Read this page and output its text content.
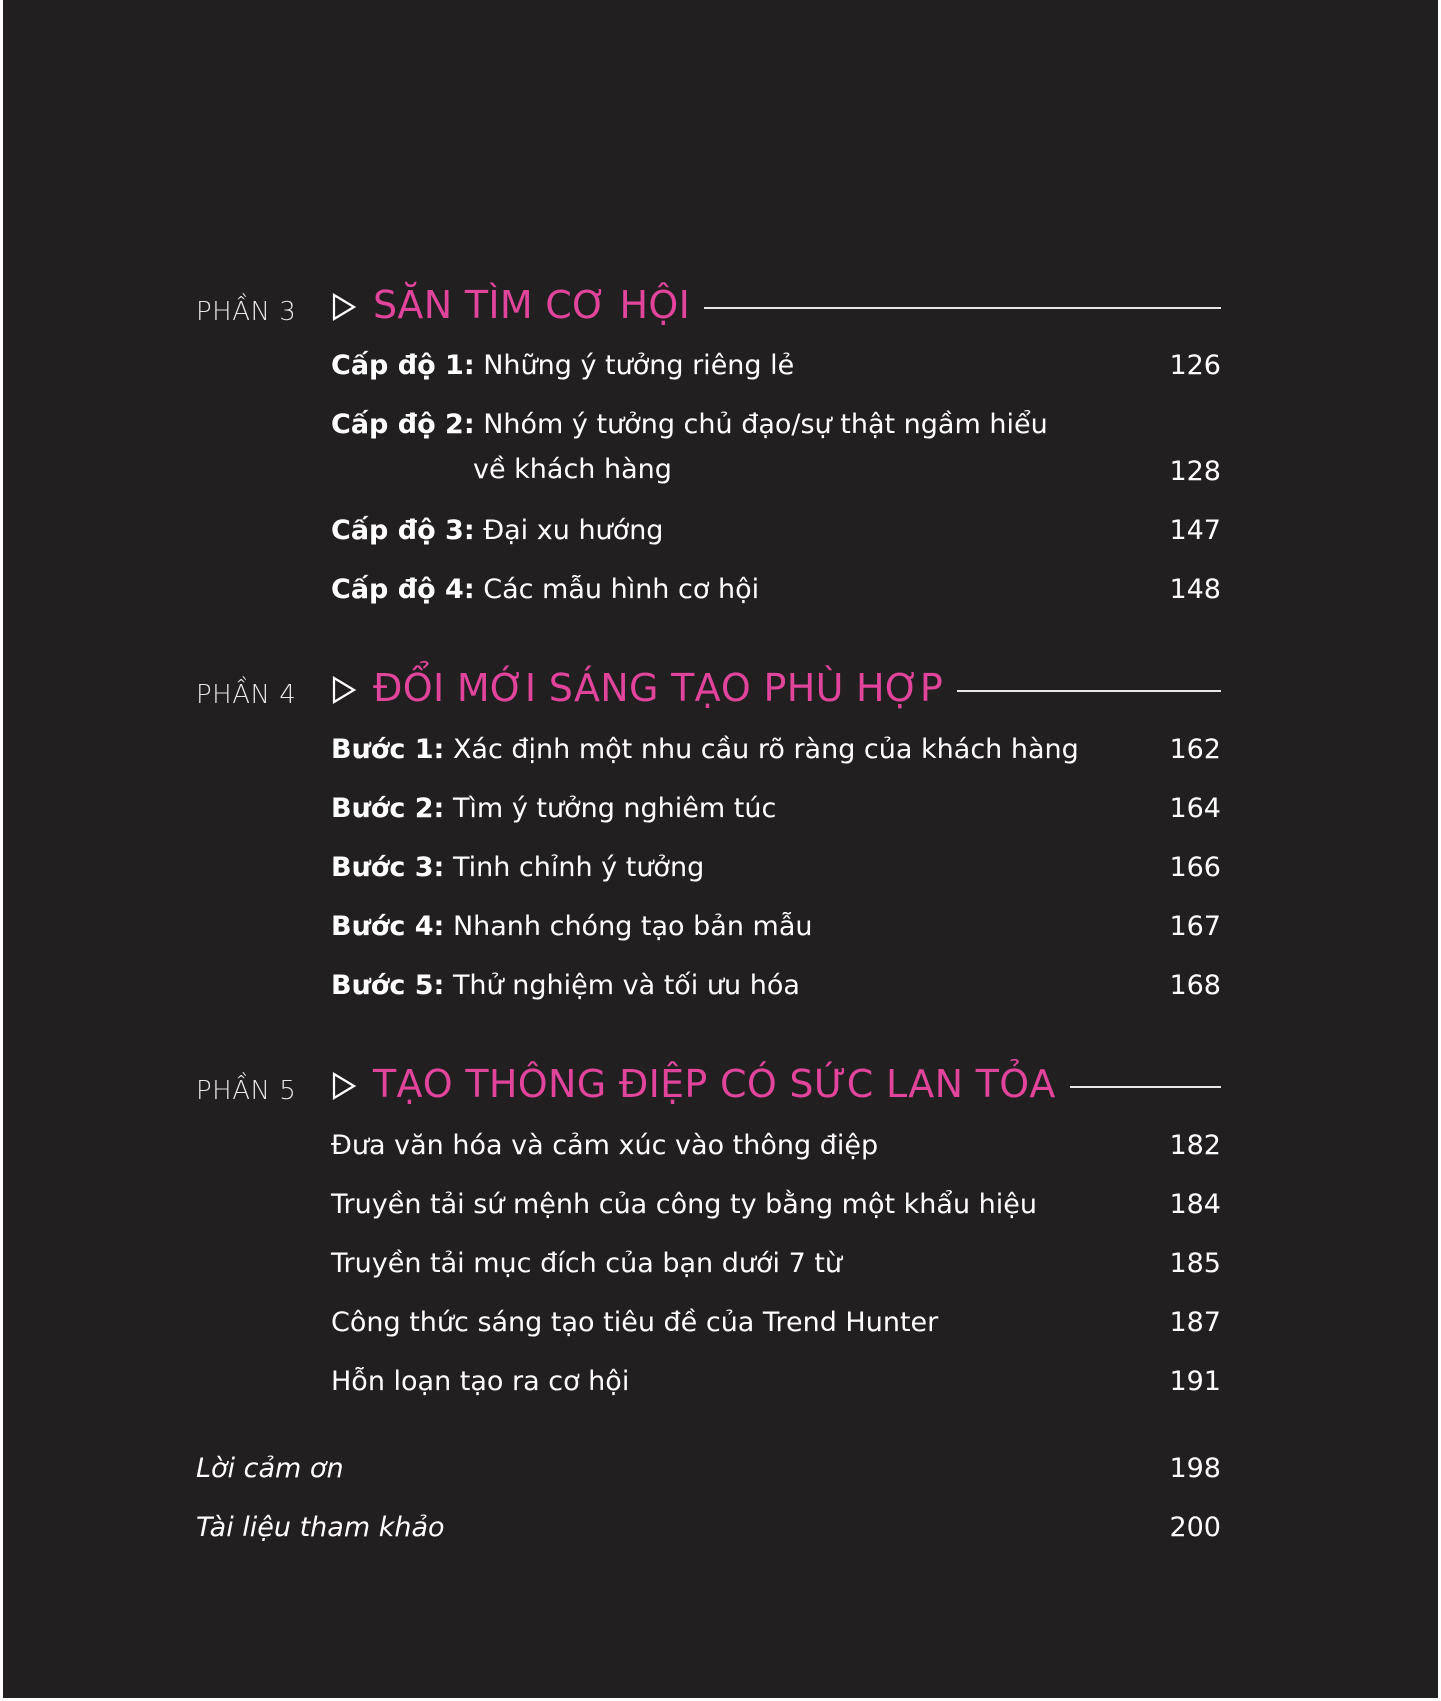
PHẦN 3 SĂN TÌM CƠ HỘI
Cấp độ 1: Những ý tưởng riêng lẻ	126
Cấp độ 2: Nhóm ý tưởng chủ đạo/sự thật ngầm hiểu
về khách hàng	128
Cấp độ 3: Đại xu hướng	147
Cấp độ 4: Các mẫu hình cơ hội	148
PHẦN 4 ĐỔI MỚI SÁNG TẠO PHÙ HỢP
Bước 1: Xác định một nhu cầu rõ ràng của khách hàng	162
Bước 2: Tìm ý tưởng nghiêm túc	164
Bước 3: Tinh chỉnh ý tưởng	166
Bước 4: Nhanh chóng tạo bản mẫu	167
Bước 5: Thử nghiệm và tối ưu hóa	168
PHẦN 5 TẠO THÔNG ĐIỆP CÓ SỨC LAN TỎA
Đưa văn hóa và cảm xúc vào thông điệp	182
Truyền tải sứ mệnh của công ty bằng một khẩu hiệu	184
Truyền tải mục đích của bạn dưới 7 từ	185
Công thức sáng tạo tiêu đề của Trend Hunter	187
Hỗn loạn tạo ra cơ hội	191
Lời cảm ơn	198
Tài liệu tham khảo	200
